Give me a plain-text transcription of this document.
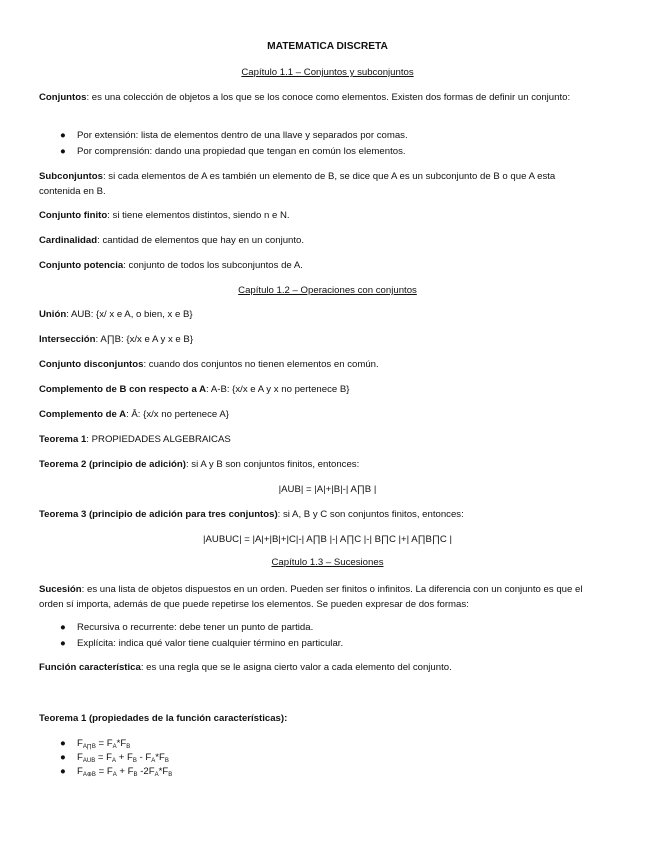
MATEMATICA DISCRETA
Capítulo 1.1 – Conjuntos y subconjuntos
Conjuntos: es una colección de objetos a los que se los conoce como elementos. Existen dos formas de definir un conjunto:
● Por extensión: lista de elementos dentro de una llave y separados por comas.
● Por comprensión: dando una propiedad que tengan en común los elementos.
Subconjuntos: si cada elementos de A es también un elemento de B, se dice que A es un subconjunto de B o que A esta contenida en B.
Conjunto finito: si tiene elementos distintos, siendo n e N.
Cardinalidad: cantidad de elementos que hay en un conjunto.
Conjunto potencia: conjunto de todos los subconjuntos de A.
Capítulo 1.2 – Operaciones con conjuntos
Unión: AUB: {x/ x e A, o bien, x e B}
Intersección: A∏B: {x/x e A y x e B}
Conjunto disconjuntos: cuando dos conjuntos no tienen elementos en común.
Complemento de B con respecto a A: A-B: {x/x e A y x no pertenece B}
Complemento de A: Ā: {x/x no pertenece A}
Teorema 1: PROPIEDADES ALGEBRAICAS
Teorema 2 (principio de adición): si A y B son conjuntos finitos, entonces:
|AUB| = |A|+|B|-| A∏B |
Teorema 3 (principio de adición para tres conjuntos): si A, B y C son conjuntos finitos, entonces:
|AUBUC| = |A|+|B|+|C|-| A∏B |-| A∏C |-| B∏C |+| A∏B∏C |
Capítulo 1.3 – Sucesiones
Sucesión: es una lista de objetos dispuestos en un orden. Pueden ser finitos o infinitos. La diferencia con un conjunto es que el orden sí importa, además de que puede repetirse los elementos. Se pueden expresar de dos formas:
● Recursiva o recurrente: debe tener un punto de partida.
● Explícita: indica qué valor tiene cualquier término en particular.
Función característica: es una regla que se le asigna cierto valor a cada elemento del conjunto.
Teorema 1 (propiedades de la función características):
● $F_{A\prod B} = F_A*F_B$
● $F_{AUB} = F_A + F_B - F_A*F_B$
● $F_{A\oplus B} = F_A + F_B$ $-2F_A*F_B$
